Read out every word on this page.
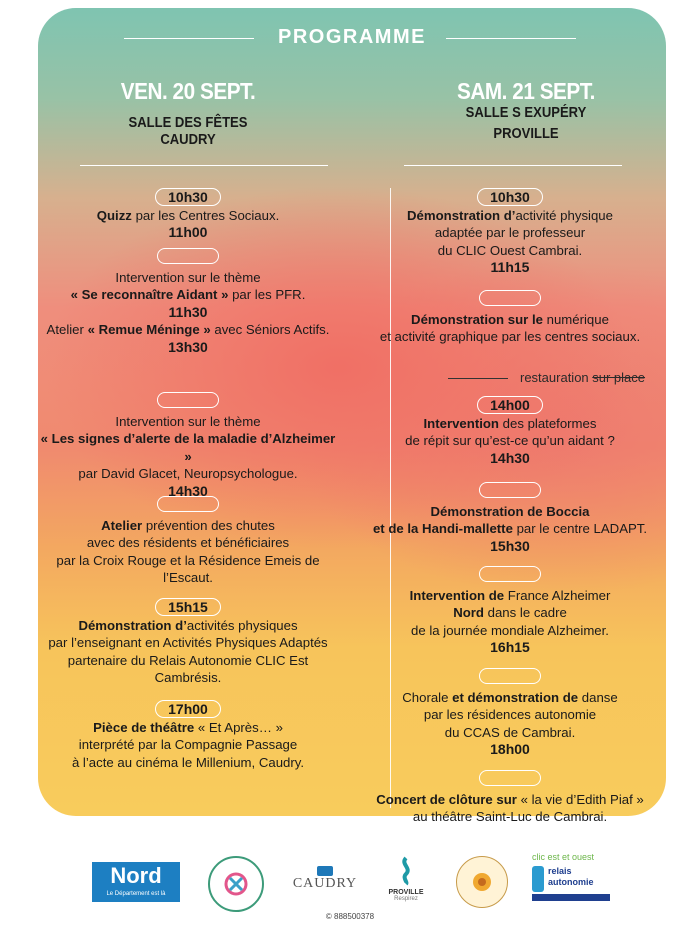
PROGRAMME
VEN. 20 SEPT.
SALLE DES FÊTES
CAUDRY
SAM. 21 SEPT.
SALLE S EXUPÉRY
PROVILLE
10h30
Quizz par les Centres Sociaux.
11h00
Intervention sur le thème
« Se reconnaître Aidant » par les PFR.
11h30
Atelier « Remue Méninge » avec Séniors Actifs.
13h30
Intervention sur le thème
« Les signes d’alerte de la maladie d’Alzheimer »
par David Glacet, Neuropsychologue.
14h30
Atelier prévention des chutes
avec des résidents et bénéficiaires
par la Croix Rouge et la Résidence Emeis de l’Escaut.
15h15
Démonstration d’activités physiques
par l’enseignant en Activités Physiques Adaptés
partenaire du Relais Autonomie CLIC Est Cambrésis.
17h00
Pièce de théâtre « Et Après… »
interprété par la Compagnie Passage
à l’acte au cinéma le Millenium, Caudry.
10h30
Démonstration d’activité physique
adaptée par le professeur
du CLIC Ouest Cambrai.
11h15
Démonstration sur le numérique
et activité graphique par les centres sociaux.
restauration sur place
14h00
Intervention des plateformes
de répit sur qu’est-ce qu’un aidant ?
14h30
Démonstration de Boccia
et de la Handi-mallette par le centre LADAPT.
15h30
Intervention de France Alzheimer
Nord dans le cadre
de la journée mondiale Alzheimer.
16h15
Chorale et démonstration de danse
par les résidences autonomie
du CCAS de Cambrai.
18h00
Concert de clôture sur « la vie d’Edith Piaf »
au théâtre Saint-Luc de Cambrai.
Nord
Le Département est là
CAUDRY
PROVILLE
Respirez
clic est et ouest
relais
autonomie
© 888500378
